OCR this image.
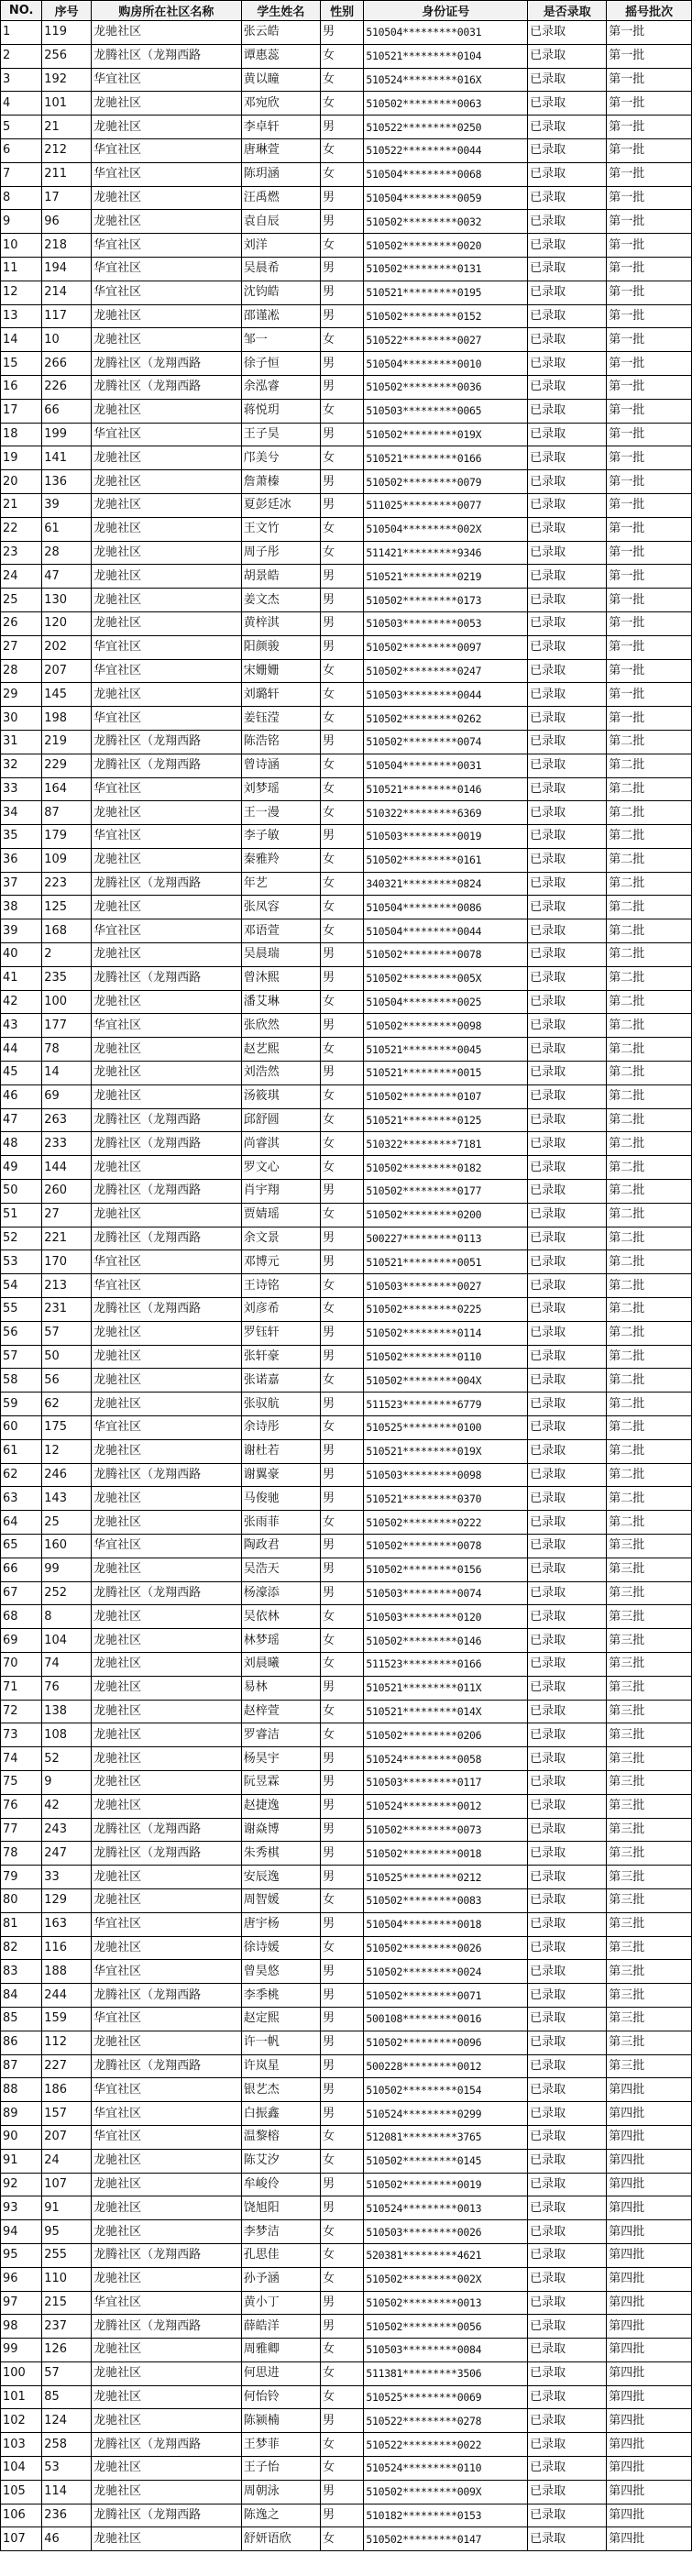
NO.	序号	购房所在社区名称	学生姓名	性别	身份证号	是否录取	摇号批次
1	119	龙驰社区	张云皓	男	510504*********0031	已录取	第一批
2	256	龙腾社区（龙翔西路	谭惠蕊	女	510521*********0104	已录取	第一批
3	192	华宜社区	黄以瞳	女	510524*********016X	已录取	第一批
4	101	龙驰社区	邓宛欣	女	510502*********0063	已录取	第一批
5	21	龙驰社区	李卓轩	男	510522*********0250	已录取	第一批
6	212	华宜社区	唐琳萱	女	510522*********0044	已录取	第一批
7	211	华宜社区	陈玥涵	女	510504*********0068	已录取	第一批
8	17	龙驰社区	汪禹燃	男	510504*********0059	已录取	第一批
9	96	龙驰社区	袁自辰	男	510502*********0032	已录取	第一批
10	218	华宜社区	刘洋	女	510502*********0020	已录取	第一批
11	194	华宜社区	吴晨希	男	510502*********0131	已录取	第一批
12	214	华宜社区	沈钧皓	男	510521*********0195	已录取	第一批
13	117	龙驰社区	邵谨凇	男	510502*********0152	已录取	第一批
14	10	龙驰社区	邹一	女	510522*********0027	已录取	第一批
15	266	龙腾社区（龙翔西路	徐子恒	男	510504*********0010	已录取	第一批
16	226	龙腾社区（龙翔西路	余泓睿	男	510502*********0036	已录取	第一批
17	66	龙驰社区	蒋悦玥	女	510503*********0065	已录取	第一批
18	199	华宜社区	王子昊	男	510502*********019X	已录取	第一批
19	141	龙驰社区	邝美兮	女	510521*********0166	已录取	第一批
20	136	龙驰社区	詹萧榛	男	510502*********0079	已录取	第一批
21	39	龙驰社区	夏彭廷冰	男	511025*********0077	已录取	第一批
22	61	龙驰社区	王文竹	女	510504*********002X	已录取	第一批
23	28	龙驰社区	周子彤	女	511421*********9346	已录取	第一批
24	47	龙驰社区	胡景皓	男	510521*********0219	已录取	第一批
25	130	龙驰社区	姜文杰	男	510502*********0173	已录取	第一批
26	120	龙驰社区	黄梓淇	男	510503*********0053	已录取	第一批
27	202	华宜社区	阳颜骏	男	510502*********0097	已录取	第一批
28	207	华宜社区	宋姗姗	女	510502*********0247	已录取	第一批
29	145	龙驰社区	刘璐轩	女	510503*********0044	已录取	第一批
30	198	华宜社区	姜钰滢	女	510502*********0262	已录取	第一批
31	219	龙腾社区（龙翔西路	陈浩铭	男	510502*********0074	已录取	第二批
32	229	龙腾社区（龙翔西路	曾诗涵	女	510504*********0031	已录取	第二批
33	164	华宜社区	刘梦瑶	女	510521*********0146	已录取	第二批
34	87	龙驰社区	王一漫	女	510322*********6369	已录取	第二批
35	179	华宜社区	李子敏	男	510503*********0019	已录取	第二批
36	109	龙驰社区	秦雅羚	女	510502*********0161	已录取	第二批
37	223	龙腾社区（龙翔西路	年艺	女	340321*********0824	已录取	第二批
38	125	龙驰社区	张凤容	女	510504*********0086	已录取	第二批
39	168	华宜社区	邓语萱	女	510504*********0044	已录取	第二批
40	2	龙驰社区	吴晨瑞	男	510502*********0078	已录取	第二批
41	235	龙腾社区（龙翔西路	曾沐熙	男	510502*********005X	已录取	第二批
42	100	龙驰社区	潘艾琳	女	510504*********0025	已录取	第二批
43	177	华宜社区	张欣然	男	510502*********0098	已录取	第二批
44	78	龙驰社区	赵艺熙	女	510521*********0045	已录取	第二批
45	14	龙驰社区	刘浩然	男	510521*********0015	已录取	第二批
46	69	龙驰社区	汤筱琪	女	510502*********0107	已录取	第二批
47	263	龙腾社区（龙翔西路	邱舒圆	女	510521*********0125	已录取	第二批
48	233	龙腾社区（龙翔西路	尚睿淇	女	510322*********7181	已录取	第二批
49	144	龙驰社区	罗文心	女	510502*********0182	已录取	第二批
50	260	龙腾社区（龙翔西路	肖宇翔	男	510502*********0177	已录取	第二批
51	27	龙驰社区	贾婧瑶	女	510502*********0200	已录取	第二批
52	221	龙腾社区（龙翔西路	余文景	男	500227*********0113	已录取	第二批
53	170	华宜社区	邓博元	男	510521*********0051	已录取	第二批
54	213	华宜社区	王诗铭	女	510503*********0027	已录取	第二批
55	231	龙腾社区（龙翔西路	刘彦希	女	510502*********0225	已录取	第二批
56	57	龙驰社区	罗钰轩	男	510502*********0114	已录取	第二批
57	50	龙驰社区	张轩豪	男	510502*********0110	已录取	第二批
58	56	龙驰社区	张诺嘉	女	510502*********004X	已录取	第二批
59	62	龙驰社区	张驭航	男	511523*********6779	已录取	第二批
60	175	华宜社区	余诗彤	女	510525*********0100	已录取	第二批
61	12	龙驰社区	谢杜若	男	510521*********019X	已录取	第二批
62	246	龙腾社区（龙翔西路	谢翼豪	男	510503*********0098	已录取	第二批
63	143	龙驰社区	马俊驰	男	510521*********0370	已录取	第二批
64	25	龙驰社区	张雨菲	女	510502*********0222	已录取	第二批
65	160	华宜社区	陶政君	男	510502*********0078	已录取	第三批
66	99	龙驰社区	吴浩天	男	510502*********0156	已录取	第三批
67	252	龙腾社区（龙翔西路	杨濠添	男	510503*********0074	已录取	第三批
68	8	龙驰社区	吴依林	女	510503*********0120	已录取	第三批
69	104	龙驰社区	林梦瑶	女	510502*********0146	已录取	第三批
70	74	龙驰社区	刘晨曦	女	511523*********0166	已录取	第三批
71	76	龙驰社区	易林	男	510521*********011X	已录取	第三批
72	138	龙驰社区	赵梓萱	女	510521*********014X	已录取	第三批
73	108	龙驰社区	罗睿洁	女	510502*********0206	已录取	第三批
74	52	龙驰社区	杨昊宇	男	510524*********0058	已录取	第三批
75	9	龙驰社区	阮昱霖	男	510503*********0117	已录取	第三批
76	42	龙驰社区	赵捷逸	男	510524*********0012	已录取	第三批
77	243	龙腾社区（龙翔西路	谢焱博	男	510502*********0073	已录取	第三批
78	247	龙腾社区（龙翔西路	朱秀棋	男	510502*********0018	已录取	第三批
79	33	龙驰社区	安辰逸	男	510525*********0212	已录取	第三批
80	129	龙驰社区	周智媛	女	510502*********0083	已录取	第三批
81	163	华宜社区	唐宇杨	男	510504*********0018	已录取	第三批
82	116	龙驰社区	徐诗媛	女	510502*********0026	已录取	第三批
83	188	华宜社区	曾昊悠	男	510502*********0024	已录取	第三批
84	244	龙腾社区（龙翔西路	李季桃	男	510502*********0071	已录取	第三批
85	159	华宜社区	赵定熙	男	500108*********0016	已录取	第三批
86	112	龙驰社区	许一帆	男	510502*********0096	已录取	第三批
87	227	龙腾社区（龙翔西路	许岚星	男	500228*********0012	已录取	第三批
88	186	华宜社区	银艺杰	男	510502*********0154	已录取	第四批
89	157	华宜社区	白振鑫	男	510524*********0299	已录取	第四批
90	207	华宜社区	温黎榕	女	512081*********3765	已录取	第四批
91	24	龙驰社区	陈艾汐	女	510502*********0145	已录取	第四批
92	107	龙驰社区	牟峻伶	男	510502*********0019	已录取	第四批
93	91	龙驰社区	饶旭阳	男	510524*********0013	已录取	第四批
94	95	龙驰社区	李梦洁	女	510503*********0026	已录取	第四批
95	255	龙腾社区（龙翔西路	孔思佳	女	520381*********4621	已录取	第四批
96	110	龙驰社区	孙予涵	女	510502*********002X	已录取	第四批
97	215	华宜社区	黄小丁	男	510502*********0013	已录取	第四批
98	237	龙腾社区（龙翔西路	薛皓洋	男	510502*********0056	已录取	第四批
99	126	龙驰社区	周雅卿	女	510503*********0084	已录取	第四批
100	57	龙驰社区	何思进	女	511381*********3506	已录取	第四批
101	85	龙驰社区	何怡铃	女	510525*********0069	已录取	第四批
102	124	龙驰社区	陈颍楠	男	510522*********0278	已录取	第四批
103	258	龙腾社区（龙翔西路	王梦菲	女	510522*********0022	已录取	第四批
104	53	龙驰社区	王子怡	女	510524*********0110	已录取	第四批
105	114	龙驰社区	周朝泳	男	510502*********009X	已录取	第四批
106	236	龙腾社区（龙翔西路	陈逸之	男	510182*********0153	已录取	第四批
107	46	龙驰社区	舒妍语欣	女	510502*********0147	已录取	第四批
